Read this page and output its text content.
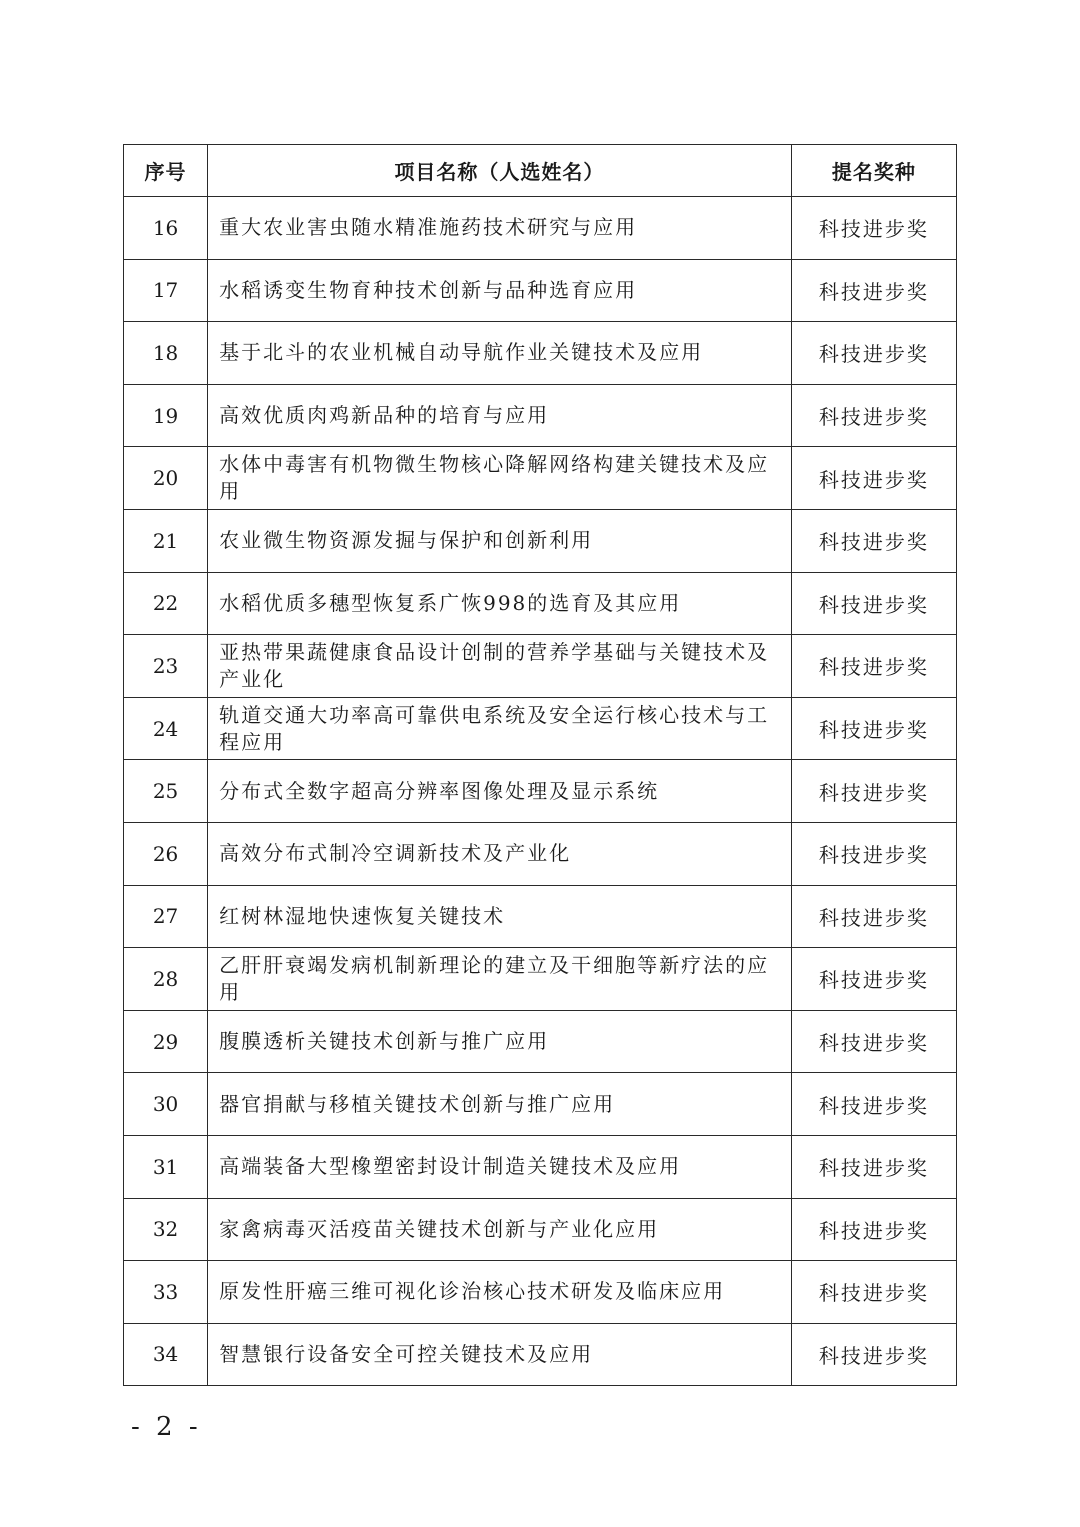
序号	项目名称（人选姓名）	提名奖种
16	重大农业害虫随水精准施药技术研究与应用	科技进步奖
17	水稻诱变生物育种技术创新与品种选育应用	科技进步奖
18	基于北斗的农业机械自动导航作业关键技术及应用	科技进步奖
19	高效优质肉鸡新品种的培育与应用	科技进步奖
20	水体中毒害有机物微生物核心降解网络构建关键技术及应用	科技进步奖
21	农业微生物资源发掘与保护和创新利用	科技进步奖
22	水稻优质多穗型恢复系广恢998的选育及其应用	科技进步奖
23	亚热带果蔬健康食品设计创制的营养学基础与关键技术及产业化	科技进步奖
24	轨道交通大功率高可靠供电系统及安全运行核心技术与工程应用	科技进步奖
25	分布式全数字超高分辨率图像处理及显示系统	科技进步奖
26	高效分布式制冷空调新技术及产业化	科技进步奖
27	红树林湿地快速恢复关键技术	科技进步奖
28	乙肝肝衰竭发病机制新理论的建立及干细胞等新疗法的应用	科技进步奖
29	腹膜透析关键技术创新与推广应用	科技进步奖
30	器官捐献与移植关键技术创新与推广应用	科技进步奖
31	高端装备大型橡塑密封设计制造关键技术及应用	科技进步奖
32	家禽病毒灭活疫苗关键技术创新与产业化应用	科技进步奖
33	原发性肝癌三维可视化诊治核心技术研发及临床应用	科技进步奖
34	智慧银行设备安全可控关键技术及应用	科技进步奖
- 2 -
